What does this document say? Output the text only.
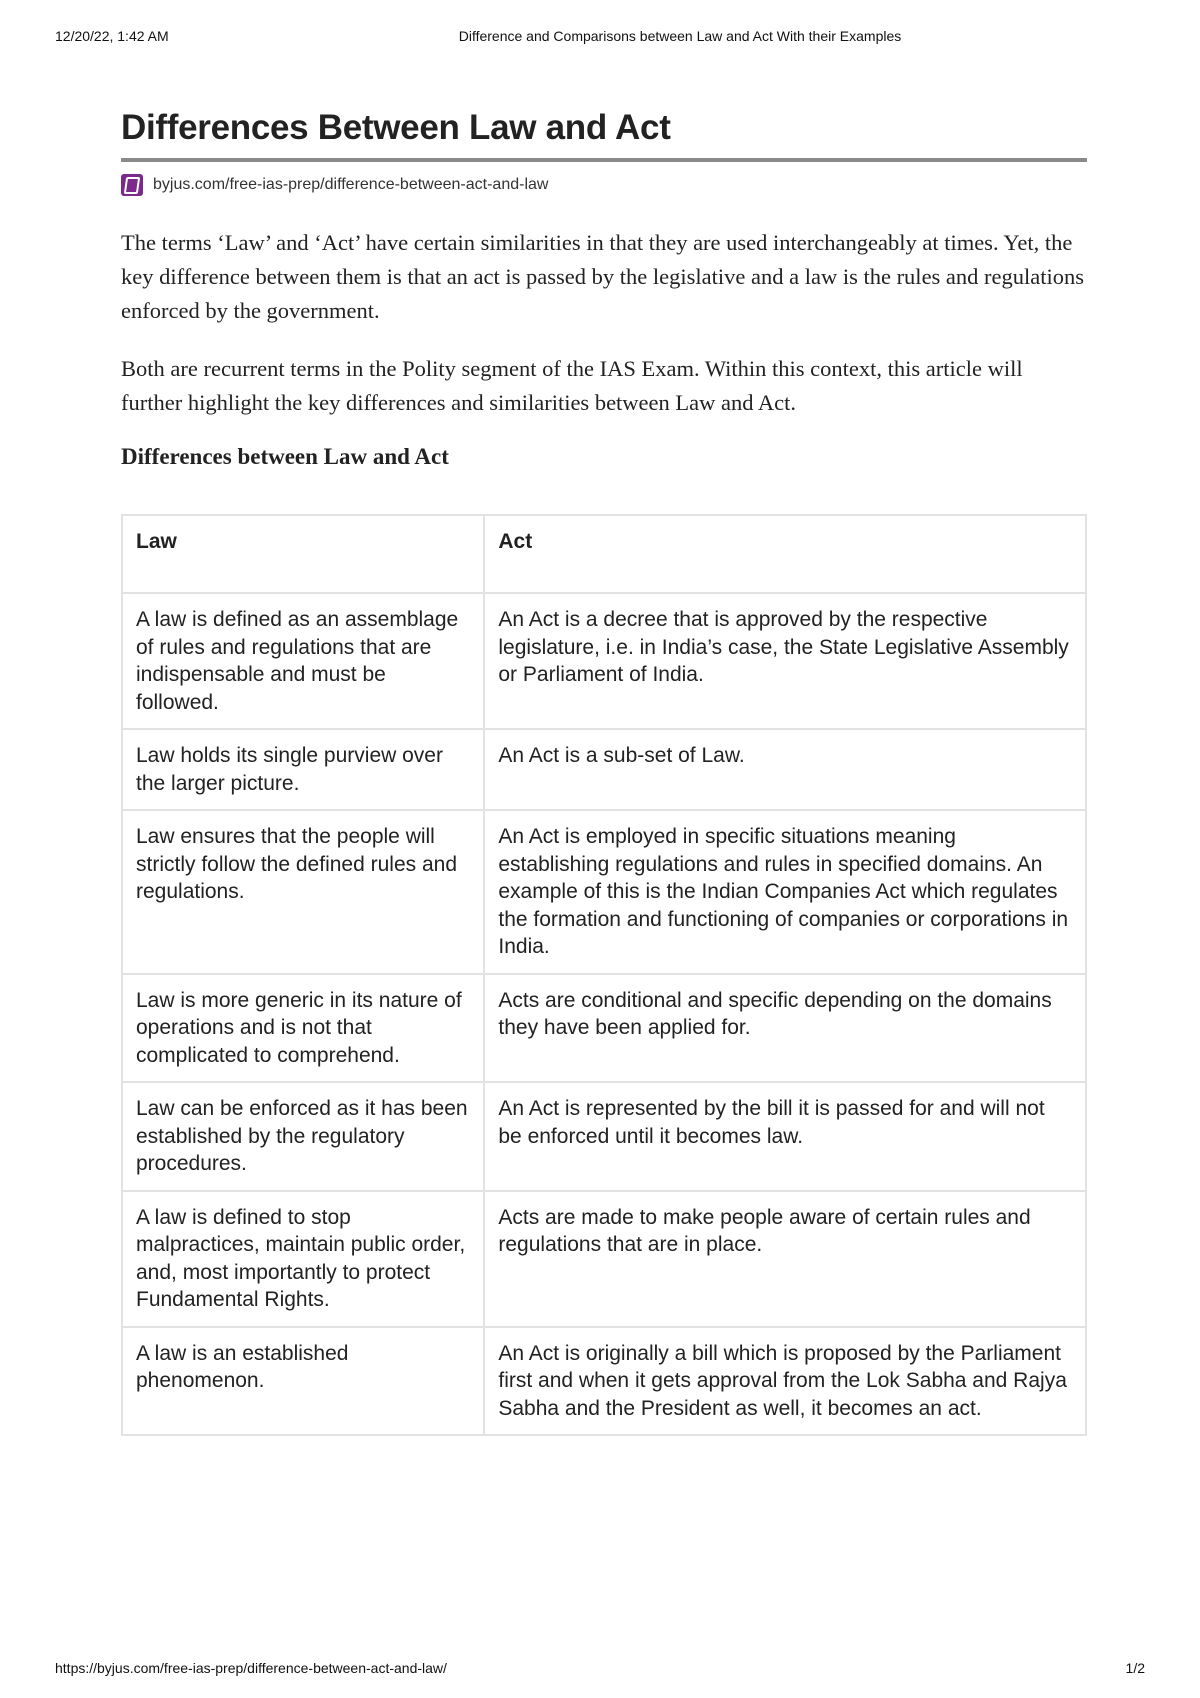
12/20/22, 1:42 AM	Difference and Comparisons between Law and Act With their Examples
Differences Between Law and Act
byjus.com/free-ias-prep/difference-between-act-and-law

The terms ‘Law’ and ‘Act’ have certain similarities in that they are used interchangeably at times. Yet, the key difference between them is that an act is passed by the legislative and a law is the rules and regulations enforced by the government.

Both are recurrent terms in the Polity segment of the IAS Exam. Within this context, this article will further highlight the key differences and similarities between Law and Act.

Differences between Law and Act
Law	Act
A law is defined as an assemblage of rules and regulations that are indispensable and must be followed.	An Act is a decree that is approved by the respective legislature, i.e. in India’s case, the State Legislative Assembly or Parliament of India.
Law holds its single purview over the larger picture.	An Act is a sub-set of Law.
Law ensures that the people will strictly follow the defined rules and regulations.	An Act is employed in specific situations meaning establishing regulations and rules in specified domains. An example of this is the Indian Companies Act which regulates the formation and functioning of companies or corporations in India.
Law is more generic in its nature of operations and is not that complicated to comprehend.	Acts are conditional and specific depending on the domains they have been applied for.
Law can be enforced as it has been established by the regulatory procedures.	An Act is represented by the bill it is passed for and will not be enforced until it becomes law.
A law is defined to stop malpractices, maintain public order, and, most importantly to protect Fundamental Rights.	Acts are made to make people aware of certain rules and regulations that are in place.
A law is an established phenomenon.	An Act is originally a bill which is proposed by the Parliament first and when it gets approval from the Lok Sabha and Rajya Sabha and the President as well, it becomes an act.
https://byjus.com/free-ias-prep/difference-between-act-and-law/	1/2
